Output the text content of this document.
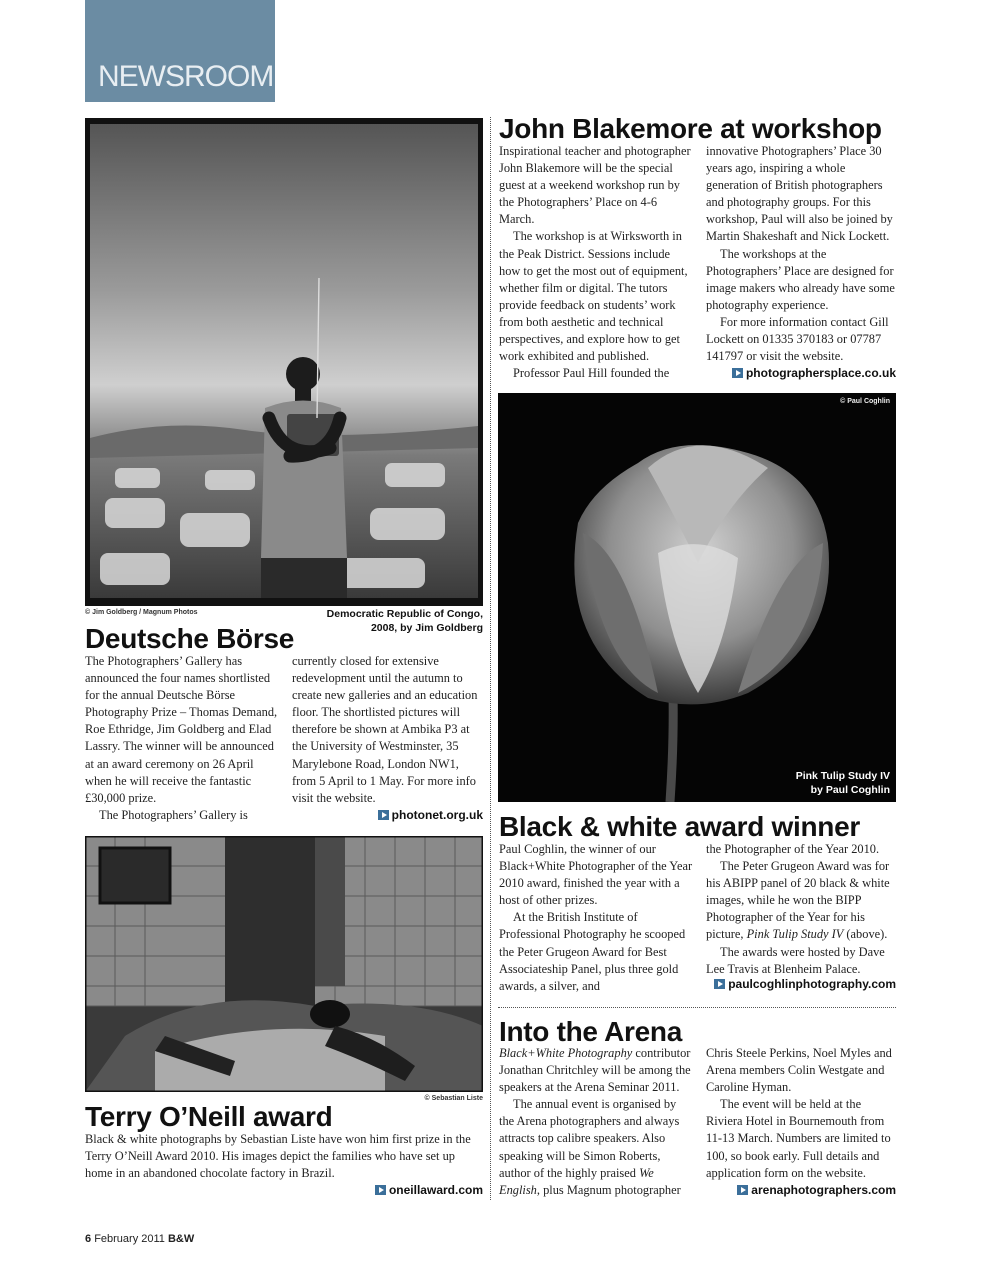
NEWSROOM
© Jim Goldberg / Magnum Photos	Democratic Republic of Congo,
2008, by Jim Goldberg
John Blakemore at workshop

Inspirational teacher and photographer John Blakemore will be the special guest at a weekend workshop run by the Photographers’ Place on 4-6 March.

The workshop is at Wirksworth in the Peak District. Sessions include how to get the most out of equipment, whether film or digital. The tutors provide feedback on students’ work from both aesthetic and technical perspectives, and explore how to get work exhibited and published.

Professor Paul Hill founded the

innovative Photographers’ Place 30 years ago, inspiring a whole generation of British photographers and photography groups. For this workshop, Paul will also be joined by Martin Shakeshaft and Nick Lockett.

The workshops at the Photographers’ Place are designed for image makers who already have some photography experience.

For more information contact Gill Lockett on 01335 370183 or 07787 141797 or visit the website.

photographersplace.co.uk
© Paul Coghlin
Pink Tulip Study IV
by Paul Coghlin
Deutsche Börse

The Photographers’ Gallery has announced the four names shortlisted for the annual Deutsche Börse Photography Prize – Thomas Demand, Roe Ethridge, Jim Goldberg and Elad Lassry. The winner will be announced at an award ceremony on 26 April when he will receive the fantastic £30,000 prize.

The Photographers’ Gallery is

currently closed for extensive redevelopment until the autumn to create new galleries and an education floor. The shortlisted pictures will therefore be shown at Ambika P3 at the University of Westminster, 35 Marylebone Road, London NW1, from 5 April to 1 May. For more info visit the website.

photonet.org.uk Black & white award winner

Paul Coghlin, the winner of our Black+White Photographer of the Year 2010 award, finished the year with a host of other prizes.

At the British Institute of Professional Photography he scooped the Peter Grugeon Award for Best Associateship Panel, plus three gold awards, a silver, and

the Photographer of the Year 2010.

The Peter Grugeon Award was for his ABIPP panel of 20 black & white images, while he won the BIPP Photographer of the Year for his picture, Pink Tulip Study IV (above).

The awards were hosted by Dave Lee Travis at Blenheim Palace.

paulcoghlinphotography.com
© Sebastian Liste
Terry O’Neill award

Black & white photographs by Sebastian Liste have won him first prize in the Terry O’Neill Award 2010. His images depict the families who have set up home in an abandoned chocolate factory in Brazil.

oneillaward.com
Into the Arena

Black+White Photography contributor Jonathan Chritchley will be among the speakers at the Arena Seminar 2011.

The annual event is organised by the Arena photographers and always attracts top calibre speakers. Also speaking will be Simon Roberts, author of the highly praised We English, plus Magnum photographer

Chris Steele Perkins, Noel Myles and Arena members Colin Westgate and Caroline Hyman.

The event will be held at the Riviera Hotel in Bournemouth from 11-13 March. Numbers are limited to 100, so book early. Full details and application form on the website.

arenaphotographers.com
6 February 2011 B&W
